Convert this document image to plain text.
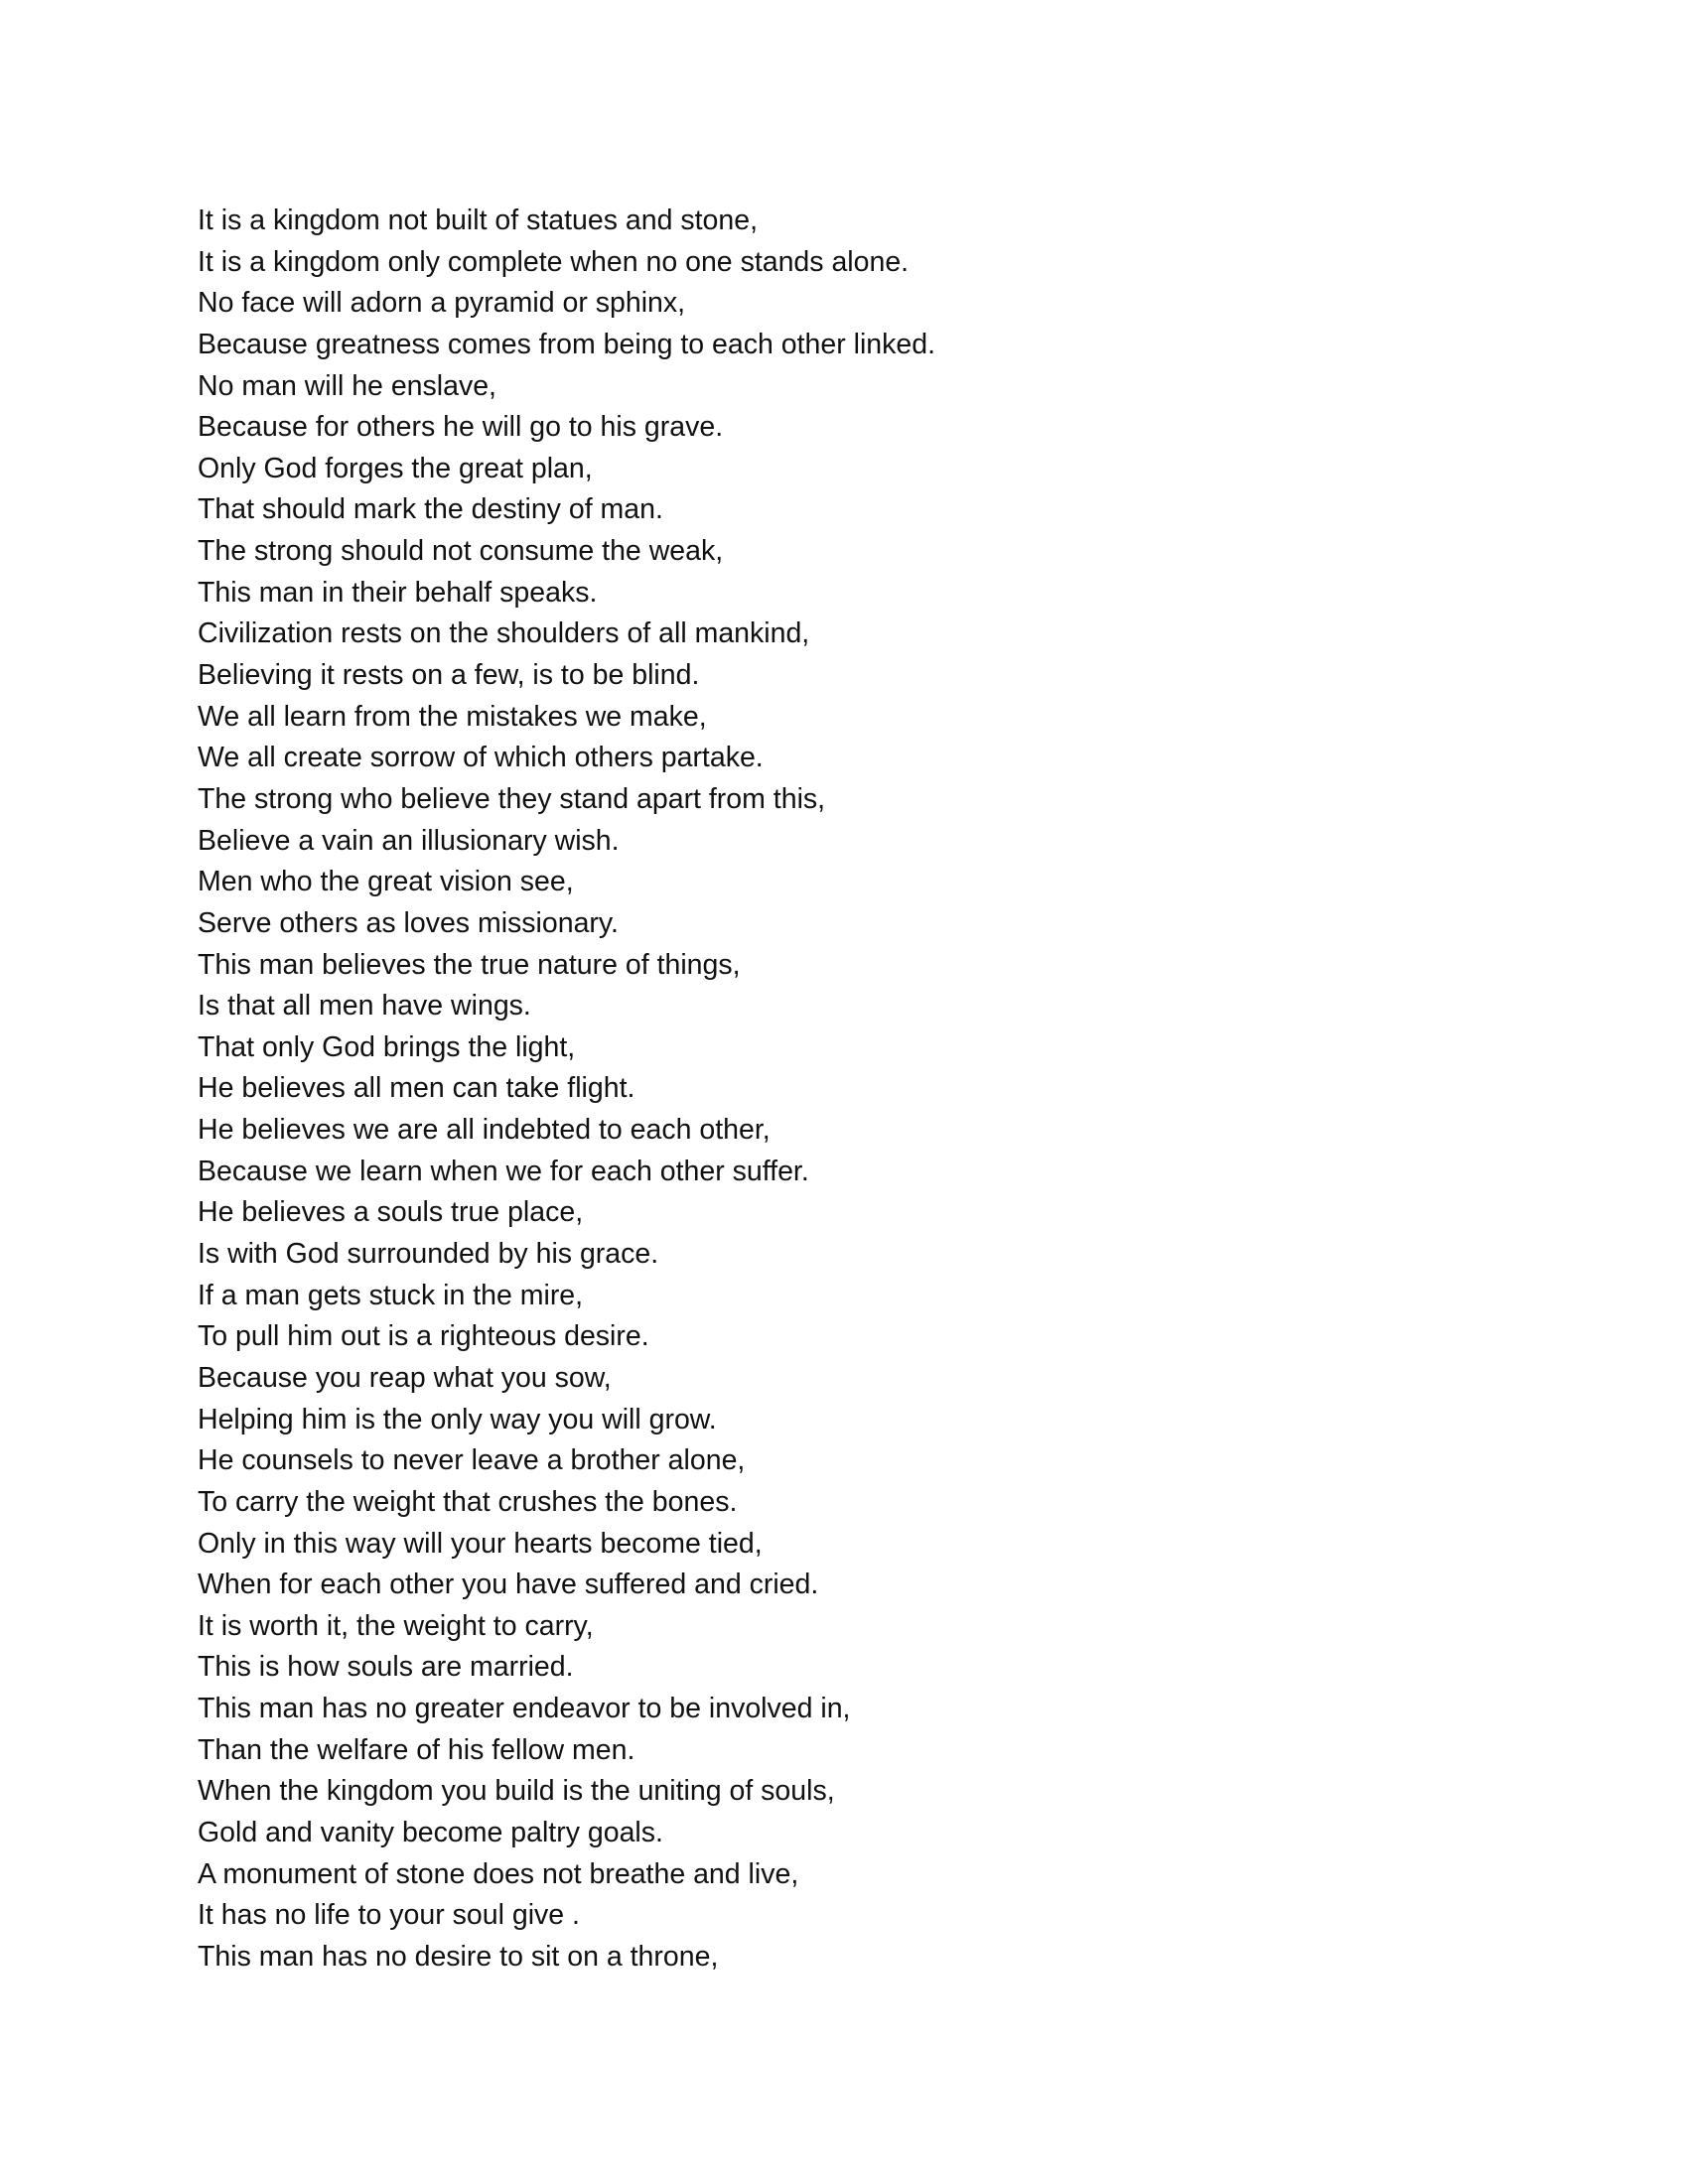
It is a kingdom not built of statues and stone,
It is a kingdom only complete when no one stands alone.
No face will adorn a pyramid or sphinx,
Because greatness comes from being to each other linked.
No man will he enslave,
Because for others he will go to his grave.
Only God forges the great plan,
That should mark the destiny of man.
The strong should not consume the weak,
This man in their behalf speaks.
Civilization rests on the shoulders of all mankind,
Believing it rests on a few, is to be blind.
We all learn from the mistakes we make,
We all create sorrow of which others partake.
The strong who believe they stand apart from this,
Believe a vain an illusionary wish.
Men who the great vision see,
Serve others as loves missionary.
This man believes the true nature of things,
Is that all men have wings.
That only God brings the light,
He believes all men can take flight.
He believes we are all indebted to each other,
Because we learn when we for each other suffer.
He believes a souls true place,
Is with God surrounded by his grace.
If a man gets stuck in the mire,
To pull him out is a righteous desire.
Because you reap what you sow,
Helping him is the only way you will grow.
He counsels to never leave a brother alone,
To carry the weight that crushes the bones.
Only in this way will your hearts become tied,
When for each other you have suffered and cried.
It is worth it, the weight to carry,
This is how souls are married.
This man has no greater endeavor to be involved in,
Than the welfare of his fellow men.
When the kingdom you build is the uniting of souls,
Gold and vanity become paltry goals.
A monument of stone does not breathe and live,
It has no life to your soul give .
This man has no desire to sit on a throne,
